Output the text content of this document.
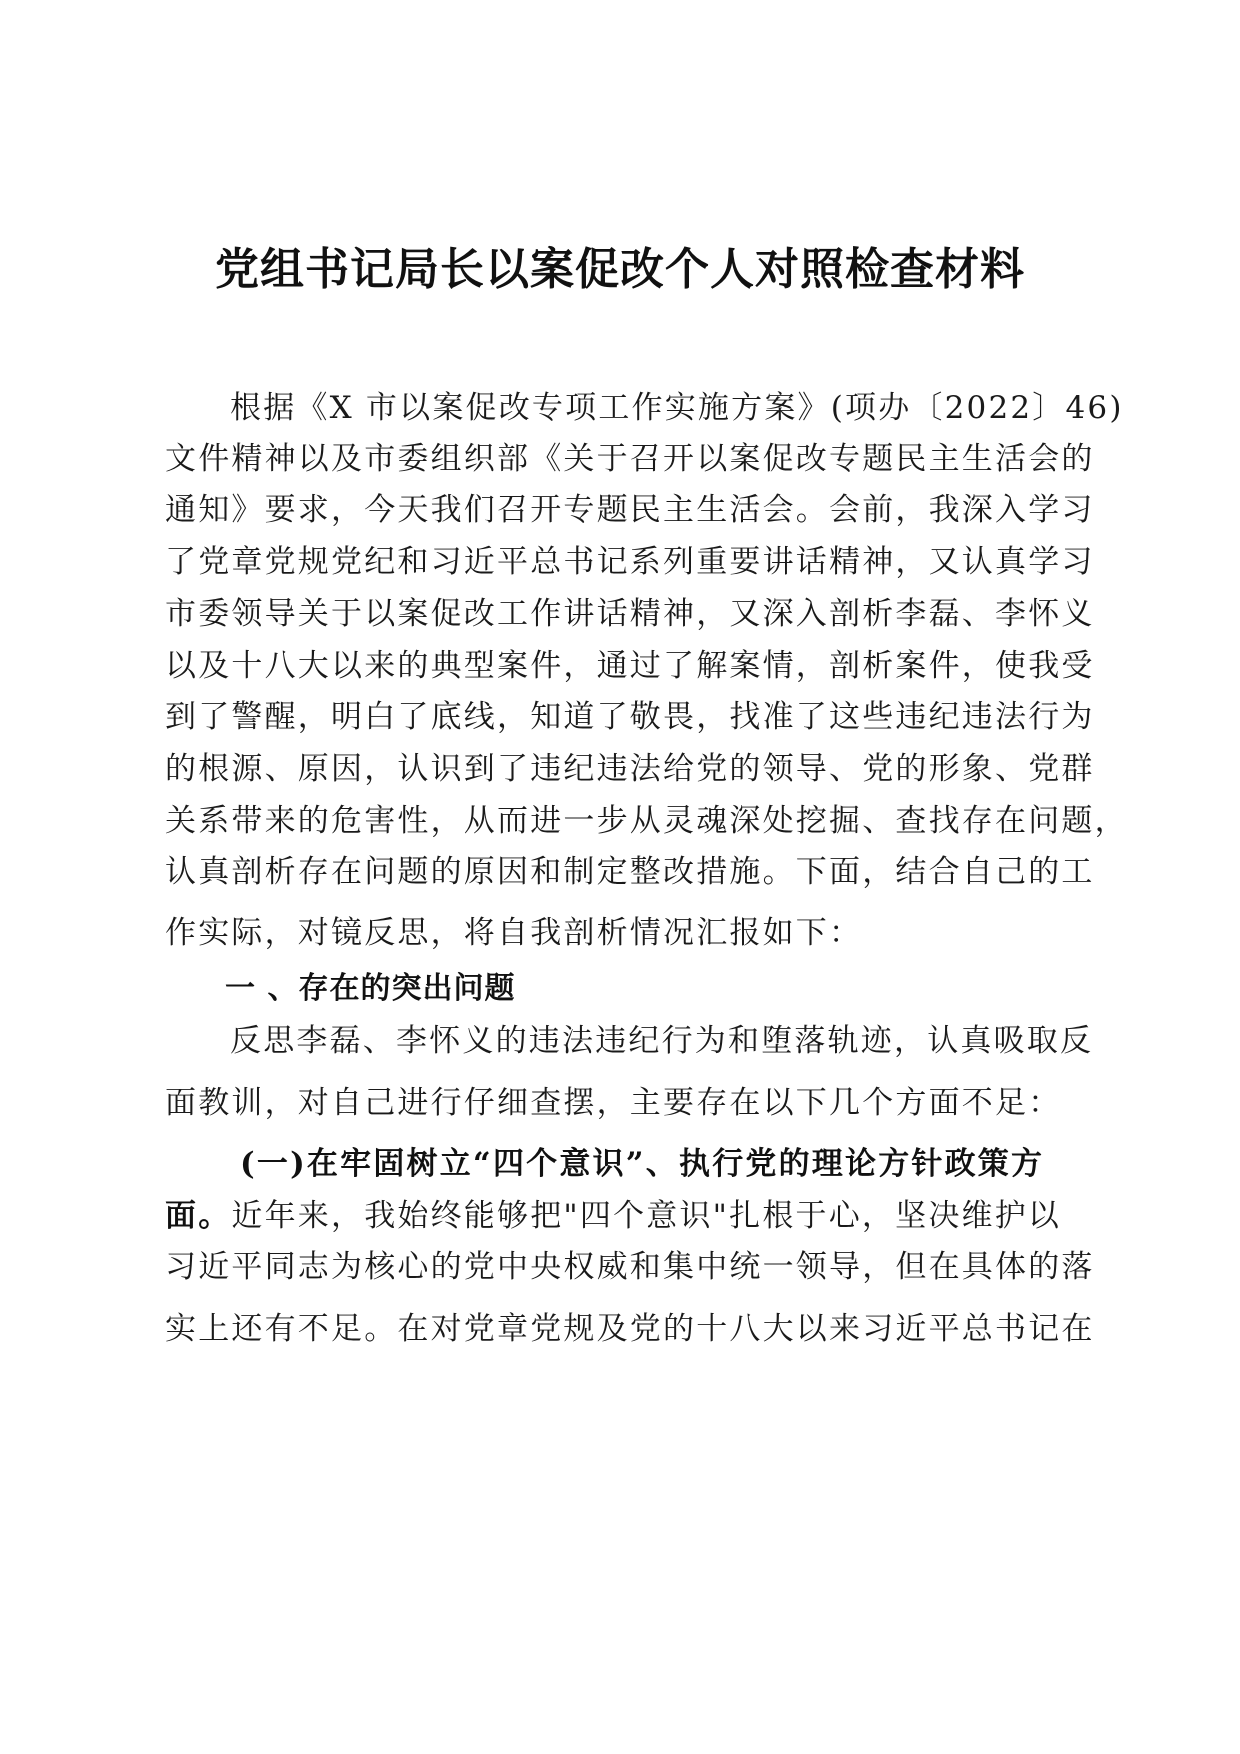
党组书记局长以案促改个人对照检查材料
根据《X 市以案促改专项工作实施方案》(项办〔2022〕46)
文件精神以及市委组织部《关于召开以案促改专题民主生活会的
通知》要求，今天我们召开专题民主生活会。会前，我深入学习
了党章党规党纪和习近平总书记系列重要讲话精神，又认真学习
市委领导关于以案促改工作讲话精神，又深入剖析李磊、李怀义
以及十八大以来的典型案件，通过了解案情，剖析案件，使我受
到了警醒，明白了底线，知道了敬畏，找准了这些违纪违法行为
的根源、原因，认识到了违纪违法给党的领导、党的形象、党群
关系带来的危害性，从而进一步从灵魂深处挖掘、查找存在问题，
认真剖析存在问题的原因和制定整改措施。下面，结合自己的工
作实际，对镜反思，将自我剖析情况汇报如下：
一 、存在的突出问题
反思李磊、李怀义的违法违纪行为和堕落轨迹，认真吸取反
面教训，对自己进行仔细查摆，主要存在以下几个方面不足：
(一)在牢固树立“四个意识”、执行党的理论方针政策方
面。近年来，我始终能够把"四个意识"扎根于心，坚决维护以
习近平同志为核心的党中央权威和集中统一领导，但在具体的落
实上还有不足。在对党章党规及党的十八大以来习近平总书记在
